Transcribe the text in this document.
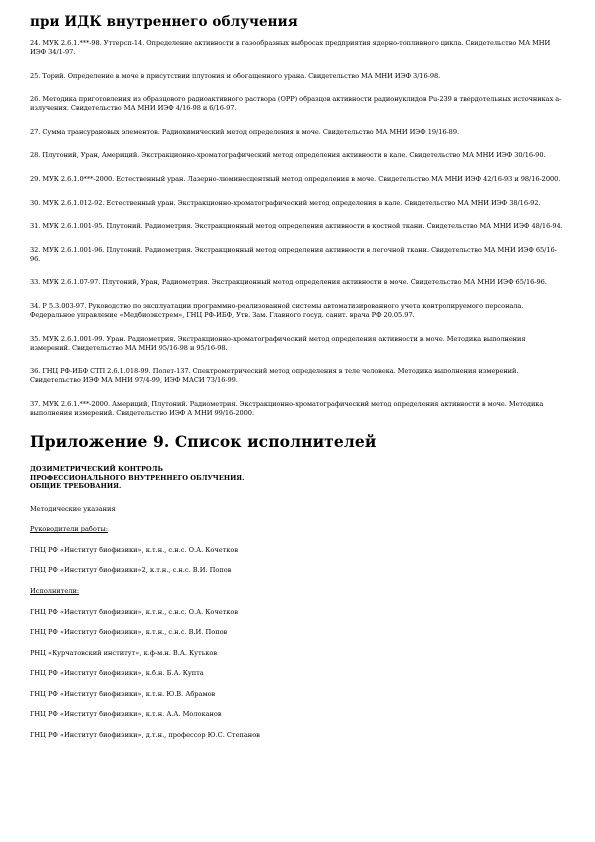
при ИДК внутреннего облучения

24. МУК 2.6.1.***-98. Уттерсп-14. Определение активности в газообразных выбросах предприятия ядерно-топливного цикла. Свидетельство МА МНИ ИЭФ 34/1-97.

25. Торий. Определение в моче в присутствии плутония и обогащенного урана. Свидетельство МА МНИ ИЭФ 3/16-98.

26. Методика приготовления из образцового радиоактивного раствора (ОРР) образцов активности радионуклидов Pu-239 в твердотельных источниках а-излучения. Свидетельство МА МНИ ИЭФ 4/16-98 и 6/16-97.

27. Сумма трансурановых элементов. Радиохимический метод определения в моче. Свидетельство МА МНИ ИЭФ 19/16-89.

28. Плутоний, Уран, Америций. Экстракционно-хроматографический метод определения активности в кале. Свидетельство МА МНИ ИЭФ 30/16-90.

29. МУК 2.6.1.0***-2000. Естественный уран. Лазерно-люминесцентный метод определения в моче. Свидетельство МА МНИ ИЭФ 42/16-93 и 98/16-2000.

30. МУК 2.6.1.012-92. Естественный уран. Экстракционно-хроматографический метод определения в кале. Свидетельство МА МНИ ИЭФ 38/16-92.

31. МУК 2.6.1.001-95. Плутоний. Радиометрия. Экстракционный метод определения активности в костной ткани. Свидетельство МА МНИ ИЭФ 48/16-94.

32. МУК 2.6.1.001-96. Плутоний. Радиометрия. Экстракционный метод определения активности в легочной ткани. Свидетельство МА МНИ ИЭФ 65/16-96.

33. МУК 2.6.1.07-97. Плутоний, Уран, Радиометрия. Экстракционный метод определения активности в моче. Свидетельство МА МНИ ИЭФ 65/16-96.

34. Р 5.3.003-97. Руководство по эксплуатации программно-реализованной системы автоматизированного учета контролируемого персонала. Федеральное управление «Медбиоэкстрем», ГНЦ РФ-ИБФ, Утв. Зам. Главного госуд. санит. врача РФ 20.05.97.

35. МУК 2.6.1.001-99. Уран. Радиометрия. Экстракционно-хроматографический метод определения активности в моче. Методика выполнения измерений. Свидетельство МА МНИ 95/16-98 и 95/16-98.

36. ГНЦ РФ-ИБФ СТП 2.6.1.018-99. Полет-137. Спектрометрический метод определения в теле человека. Методика выполнения измерений. Свидетельство ИЭФ МА МНИ 97/4-99, ИЭФ МАСИ 73/16-99.

37. МУК 2.6.1.***-2000. Америций, Плутоний. Радиометрия. Экстракционно-хроматографический метод определения активности в моче. Методика выполнения измерений. Свидетельство ИЭФ А МНИ 99/16-2000.

Приложение 9. Список исполнителей
ДОЗИМЕТРИЧЕСКИЙ КОНТРОЛЬ
ПРОФЕССИОНАЛЬНОГО ВНУТРЕННЕГО ОБЛУЧЕНИЯ.
ОБЩИЕ ТРЕБОВАНИЯ.

Методические указания

Руководители работы:

ГНЦ РФ «Институт биофизики», к.т.н., с.н.с. О.А. Кочетков

ГНЦ РФ «Институт биофизики»2, к.т.н., с.н.с. В.И. Попов

Исполнители:

ГНЦ РФ «Институт биофизики», к.т.н., с.н.с. О.А. Кочетков

ГНЦ РФ «Институт биофизики», к.т.н., с.н.с. В.И. Попов

РНЦ «Курчатовский институт», к.ф-м.н. В.А. Кутьков

ГНЦ РФ «Институт биофизики», к.б.н. Б.А. Купта

ГНЦ РФ «Институт биофизики», к.т.н. Ю.В. Абрамов

ГНЦ РФ «Институт биофизики», к.т.н. А.А. Молоканов

ГНЦ РФ «Институт биофизики», д.т.н., профессор Ю.С. Степанов
